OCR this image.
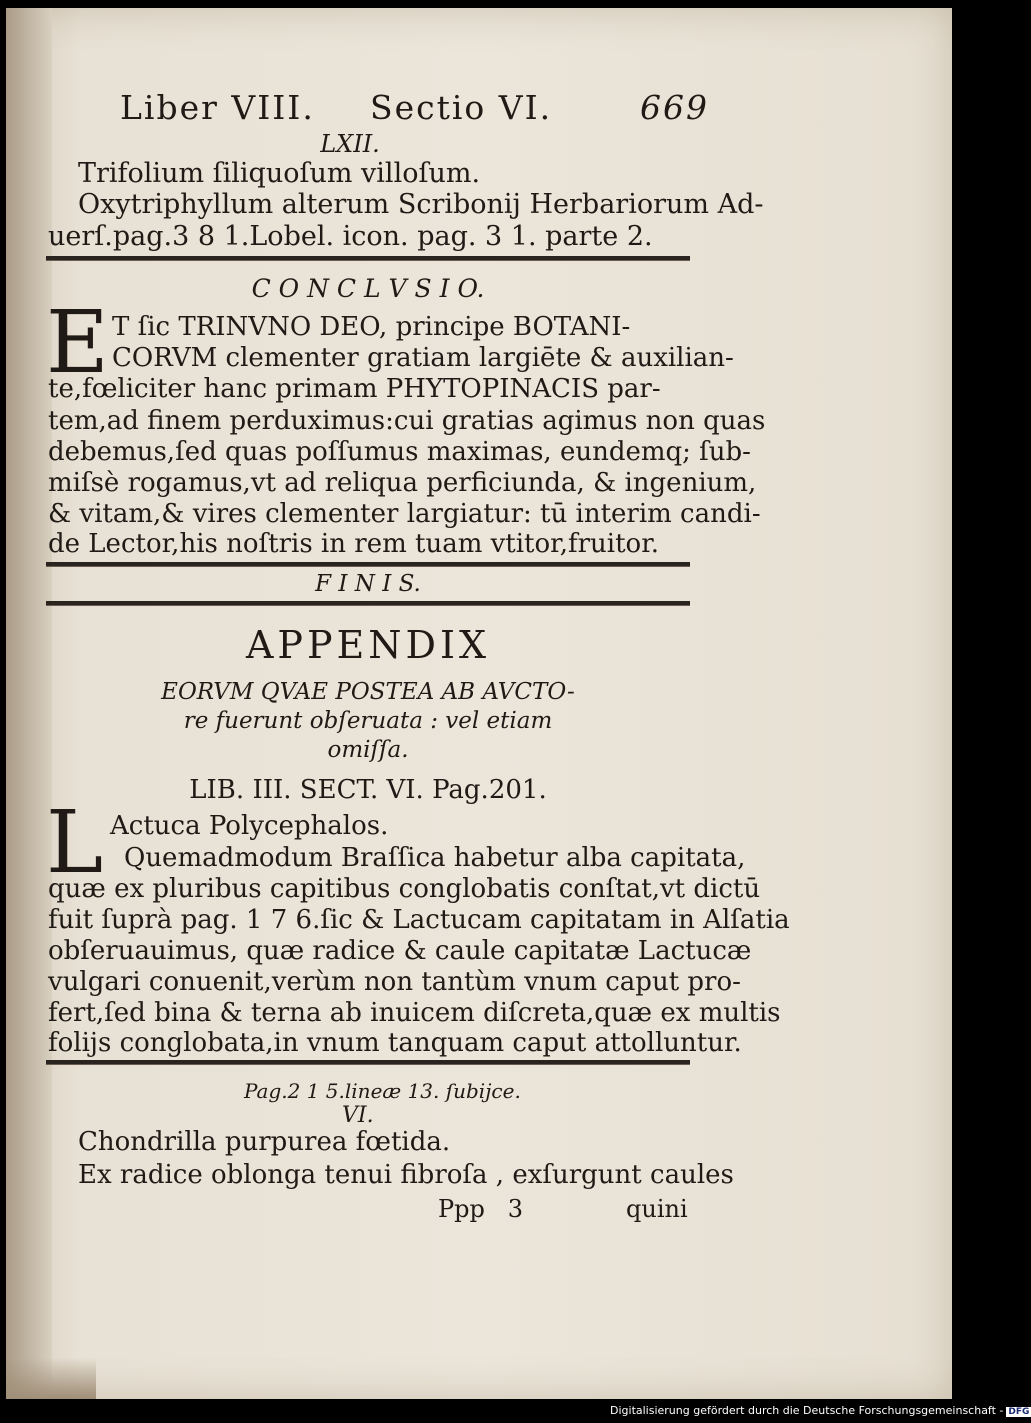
Liber VIII. Sectio VI.	669
LXII.
Trifolium ſiliquoſum villoſum.
Oxytriphyllum alterum Scribonij Herbariorum Ad-
uerſ.pag.3 8 1.Lobel. icon. pag. 3 1. parte 2.
C O N C L V S I O.
E T ſic TRINVNO DEO, principe BOTANI-
CORVM clementer gratiam largiēte & auxilian-
te,fœliciter hanc primam PHYTOPINACIS par-
tem,ad finem perduximus:cui gratias agimus non quas
debemus,ſed quas poſſumus maximas, eundemq; ſub-
miſsè rogamus,vt ad reliqua perficiunda, & ingenium,
& vitam,& vires clementer largiatur: tū interim candi-
de Lector,his noſtris in rem tuam vtitor,fruitor.
F I N I S.
APPENDIX
EORVM QVAE POSTEA AB AVCTO-
re fuerunt obſeruata : vel etiam
omiſſa.
LIB. III. SECT. VI. Pag.201.
L Actuca Polycephalos.
Quemadmodum Braſſica habetur alba capitata,
quæ ex pluribus capitibus conglobatis conſtat,vt dictū
fuit ſuprà pag. 1 7 6.ſic & Lactucam capitatam in Alſatia
obſeruauimus, quæ radice & caule capitatæ Lactucæ
vulgari conuenit,verùm non tantùm vnum caput pro-
fert,ſed bina & terna ab inuicem diſcreta,quæ ex multis
folijs conglobata,in vnum tanquam caput attolluntur.
Pag.2 1 5.lineæ 13. ſubijce.
VI.
Chondrilla purpurea fœtida.
Ex radice oblonga tenui fibroſa , exſurgunt caules
Ppp   3	quini
Digitalisierung gefördert durch die Deutsche Forschungsgemeinschaft - DFG
